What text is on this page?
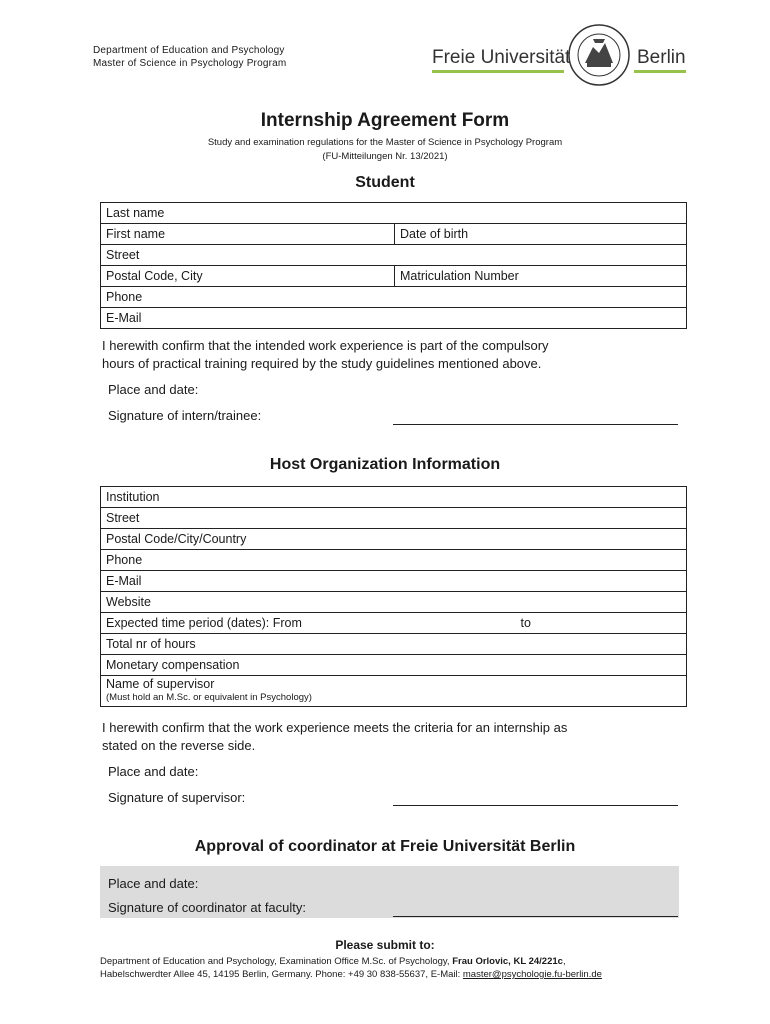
Department of Education and Psychology
Master of Science in Psychology Program	Freie Universität	Berlin
Internship Agreement Form
Study and examination regulations for the Master of Science in Psychology Program
(FU-Mitteilungen Nr. 13/2021)
Student
Last name	
First name	Date of birth
Street	
Postal Code, City	Matriculation Number
Phone	
E-Mail	
I herewith confirm that the intended work experience is part of the compulsory
hours of practical training required by the study guidelines mentioned above.
Place and date:
Signature of intern/trainee:
Host Organization Information
Institution
Street
Postal Code/City/Country
Phone
E-Mail
Website
Expected time period (dates): From	to

Total nr of hours
Monetary compensation

Name of supervisor
(Must hold an M.Sc. or equivalent in Psychology)
I herewith confirm that the work experience meets the criteria for an internship as
stated on the reverse side.
Place and date:
Signature of supervisor:
Approval of coordinator at Freie Universität Berlin
Place and date:
Signature of coordinator at faculty:
Please submit to:
Department of Education and Psychology, Examination Office M.Sc. of Psychology, Frau Orlovic, KL 24/221c,
Habelschwerdter Allee 45, 14195 Berlin, Germany. Phone: +49 30 838-55637, E-Mail: master@psychologie.fu-berlin.de
